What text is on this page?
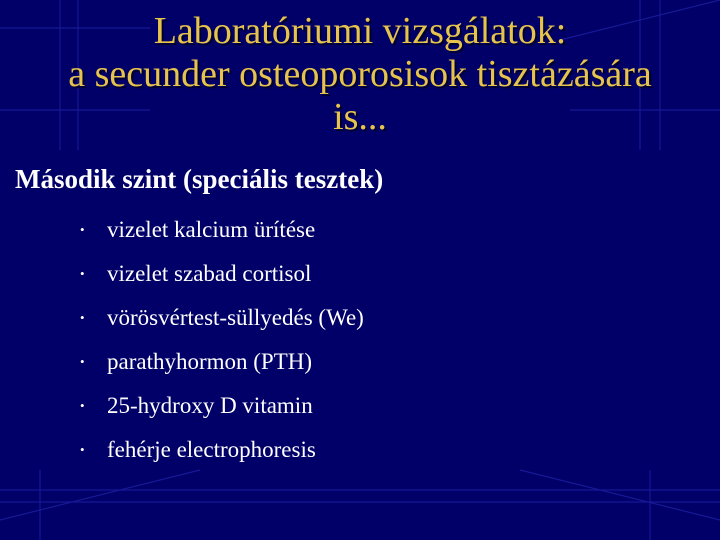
Laboratóriumi vizsgálatok:
a secunder osteoporosisok tisztázására
is...
Második szint (speciális tesztek)
• vizelet kalcium ürítése
• vizelet szabad cortisol
• vörösvértest-süllyedés (We)
• parathyhormon (PTH)
• 25-hydroxy D vitamin
• fehérje electrophoresis
